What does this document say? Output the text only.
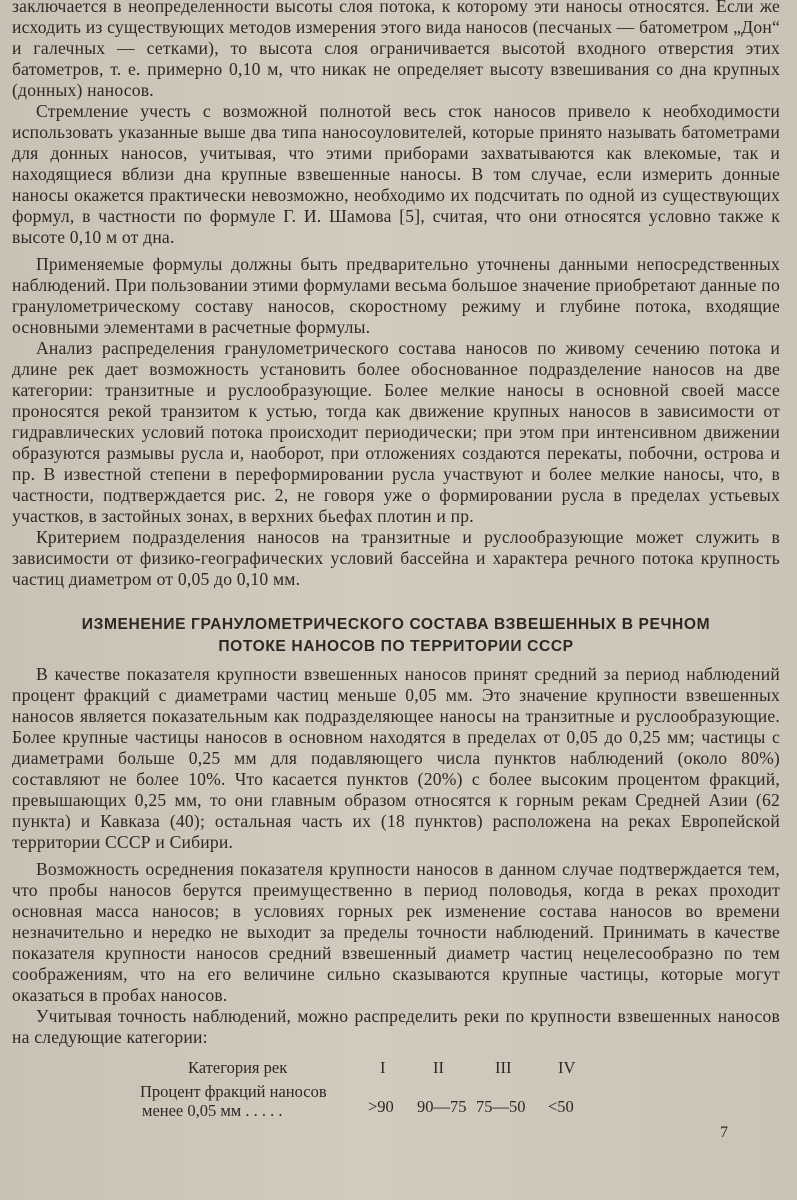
заключается в неопределенности высоты слоя потока, к которому эти наносы относятся. Если же исходить из существующих методов измерения этого вида наносов (песчаных — батометром „Дон“ и галечных — сетками), то высота слоя ограничивается высотой входного отверстия этих батометров, т. е. примерно 0,10 м, что никак не определяет высоту взвешивания со дна крупных (донных) наносов.

Стремление учесть с возможной полнотой весь сток наносов привело к необходимости использовать указанные выше два типа наносоуловителей, которые принято называть батометрами для донных наносов, учитывая, что этими приборами захватываются как влекомые, так и находящиеся вблизи дна крупные взвешенные наносы. В том случае, если измерить донные наносы окажется практически невозможно, необходимо их подсчитать по одной из существующих формул, в частности по формуле Г. И. Шамова [5], считая, что они относятся условно также к высоте 0,10 м от дна.

Применяемые формулы должны быть предварительно уточнены данными непосредственных наблюдений. При пользовании этими формулами весьма большое значение приобретают данные по гранулометрическому составу наносов, скоростному режиму и глубине потока, входящие основными элементами в расчетные формулы.

Анализ распределения гранулометрического состава наносов по живому сечению потока и длине рек дает возможность установить более обоснованное подразделение наносов на две категории: транзитные и руслообразующие. Более мелкие наносы в основной своей массе проносятся рекой транзитом к устью, тогда как движение крупных наносов в зависимости от гидравлических условий потока происходит периодически; при этом при интенсивном движении образуются размывы русла и, наоборот, при отложениях создаются перекаты, побочни, острова и пр. В известной степени в переформировании русла участвуют и более мелкие наносы, что, в частности, подтверждается рис. 2, не говоря уже о формировании русла в пределах устьевых участков, в застойных зонах, в верхних бьефах плотин и пр.

Критерием подразделения наносов на транзитные и руслообразующие может служить в зависимости от физико-географических условий бассейна и характера речного потока крупность частиц диаметром от 0,05 до 0,10 мм.

ИЗМЕНЕНИЕ ГРАНУЛОМЕТРИЧЕСКОГО СОСТАВА ВЗВЕШЕННЫХ В РЕЧНОМ

ПОТОКЕ НАНОСОВ ПО ТЕРРИТОРИИ СССР

В качестве показателя крупности взвешенных наносов принят средний за период наблюдений процент фракций с диаметрами частиц меньше 0,05 мм. Это значение крупности взвешенных наносов является показательным как подразделяющее наносы на транзитные и руслообразующие. Более крупные частицы наносов в основном находятся в пределах от 0,05 до 0,25 мм; частицы с диаметрами больше 0,25 мм для подавляющего числа пунктов наблюдений (около 80%) составляют не более 10%. Что касается пунктов (20%) с более высоким процентом фракций, превышающих 0,25 мм, то они главным образом относятся к горным рекам Средней Азии (62 пункта) и Кавказа (40); остальная часть их (18 пунктов) расположена на реках Европейской территории СССР и Сибири.

Возможность осреднения показателя крупности наносов в данном случае подтверждается тем, что пробы наносов берутся преимущественно в период половодья, когда в реках проходит основная масса наносов; в условиях горных рек изменение состава наносов во времени незначительно и нередко не выходит за пределы точности наблюдений. Принимать в качестве показателя крупности наносов средний взвешенный диаметр частиц нецелесообразно по тем соображениям, что на его величине сильно сказываются крупные частицы, которые могут оказаться в пробах наносов.

Учитывая точность наблюдений, можно распределить реки по крупности взвешенных наносов на следующие категории:

Категория рек	I	II	III	IV
Процент фракций наносов
менее 0,05 мм . . . . .	>90 90—75 75—50 <50
7
